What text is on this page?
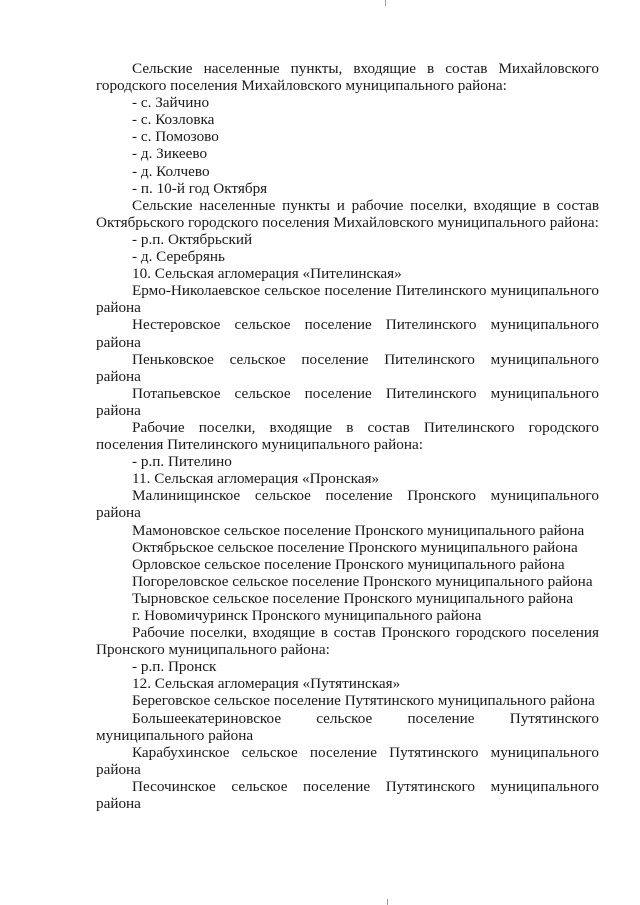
Сельские населенные пункты, входящие в состав Михайловского городского поселения Михайловского муниципального района:

- с. Зайчино

- с. Козловка

- с. Помозово

- д. Зикеево

- д. Колчево

- п. 10-й год Октября

Сельские населенные пункты и рабочие поселки, входящие в состав Октябрьского городского поселения Михайловского муниципального района:

- р.п. Октябрьский

- д. Серебрянь

10. Сельская агломерация «Пителинская»

Ермо-Николаевское сельское поселение Пителинского муниципального района

Нестеровское сельское поселение Пителинского муниципального района

Пеньковское сельское поселение Пителинского муниципального района

Потапьевское сельское поселение Пителинского муниципального района

Рабочие поселки, входящие в состав Пителинского городского поселения Пителинского муниципального района:

- р.п. Пителино

11. Сельская агломерация «Пронская»

Малинищинское сельское поселение Пронского муниципального района

Мамоновское сельское поселение Пронского муниципального района

Октябрьское сельское поселение Пронского муниципального района

Орловское сельское поселение Пронского муниципального района

Погореловское сельское поселение Пронского муниципального района

Тырновское сельское поселение Пронского муниципального района

г. Новомичуринск Пронского муниципального района

Рабочие поселки, входящие в состав Пронского городского поселения Пронского муниципального района:

- р.п. Пронск

12. Сельская агломерация «Путятинская»

Береговское сельское поселение Путятинского муниципального района

Большеекатериновское сельское поселение Путятинского муниципального района

Карабухинское сельское поселение Путятинского муниципального района

Песочинское сельское поселение Путятинского муниципального района
